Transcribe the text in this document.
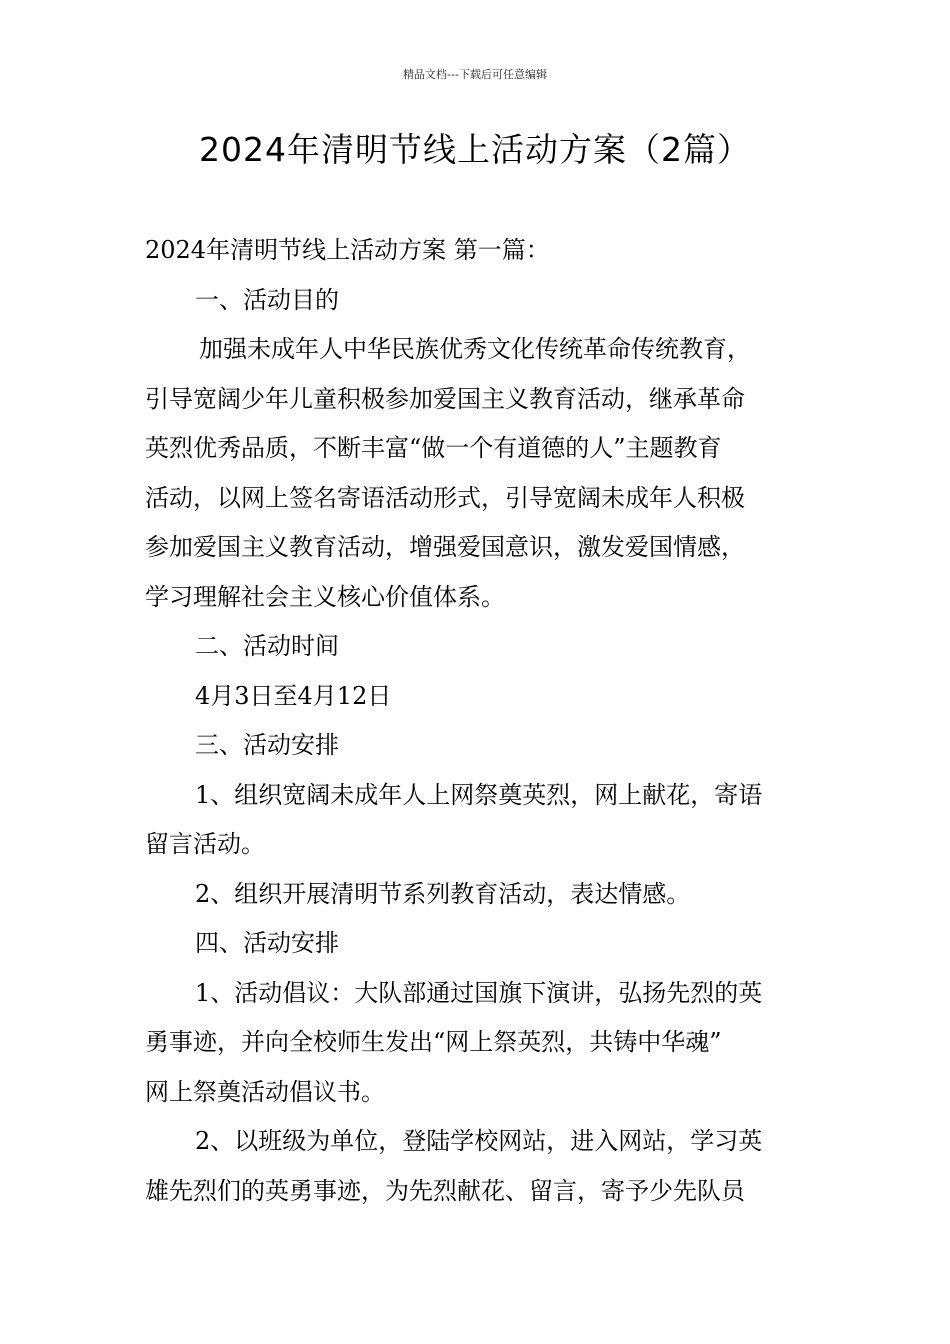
精品文档---下载后可任意编辑
2024年清明节线上活动方案（2篇）

2024年清明节线上活动方案 第一篇：

一、活动目的

加强未成年人中华民族优秀文化传统革命传统教育，

引导宽阔少年儿童积极参加爱国主义教育活动，继承革命

英烈优秀品质，不断丰富“做一个有道德的人”主题教育

活动，以网上签名寄语活动形式，引导宽阔未成年人积极

参加爱国主义教育活动，增强爱国意识，激发爱国情感，

学习理解社会主义核心价值体系。

二、活动时间

4月3日至4月12日

三、活动安排

1、组织宽阔未成年人上网祭奠英烈，网上献花，寄语

留言活动。

2、组织开展清明节系列教育活动，表达情感。

四、活动安排

1、活动倡议：大队部通过国旗下演讲，弘扬先烈的英

勇事迹，并向全校师生发出“网上祭英烈，共铸中华魂”

网上祭奠活动倡议书。

2、以班级为单位，登陆学校网站，进入网站，学习英

雄先烈们的英勇事迹，为先烈献花、留言，寄予少先队员
